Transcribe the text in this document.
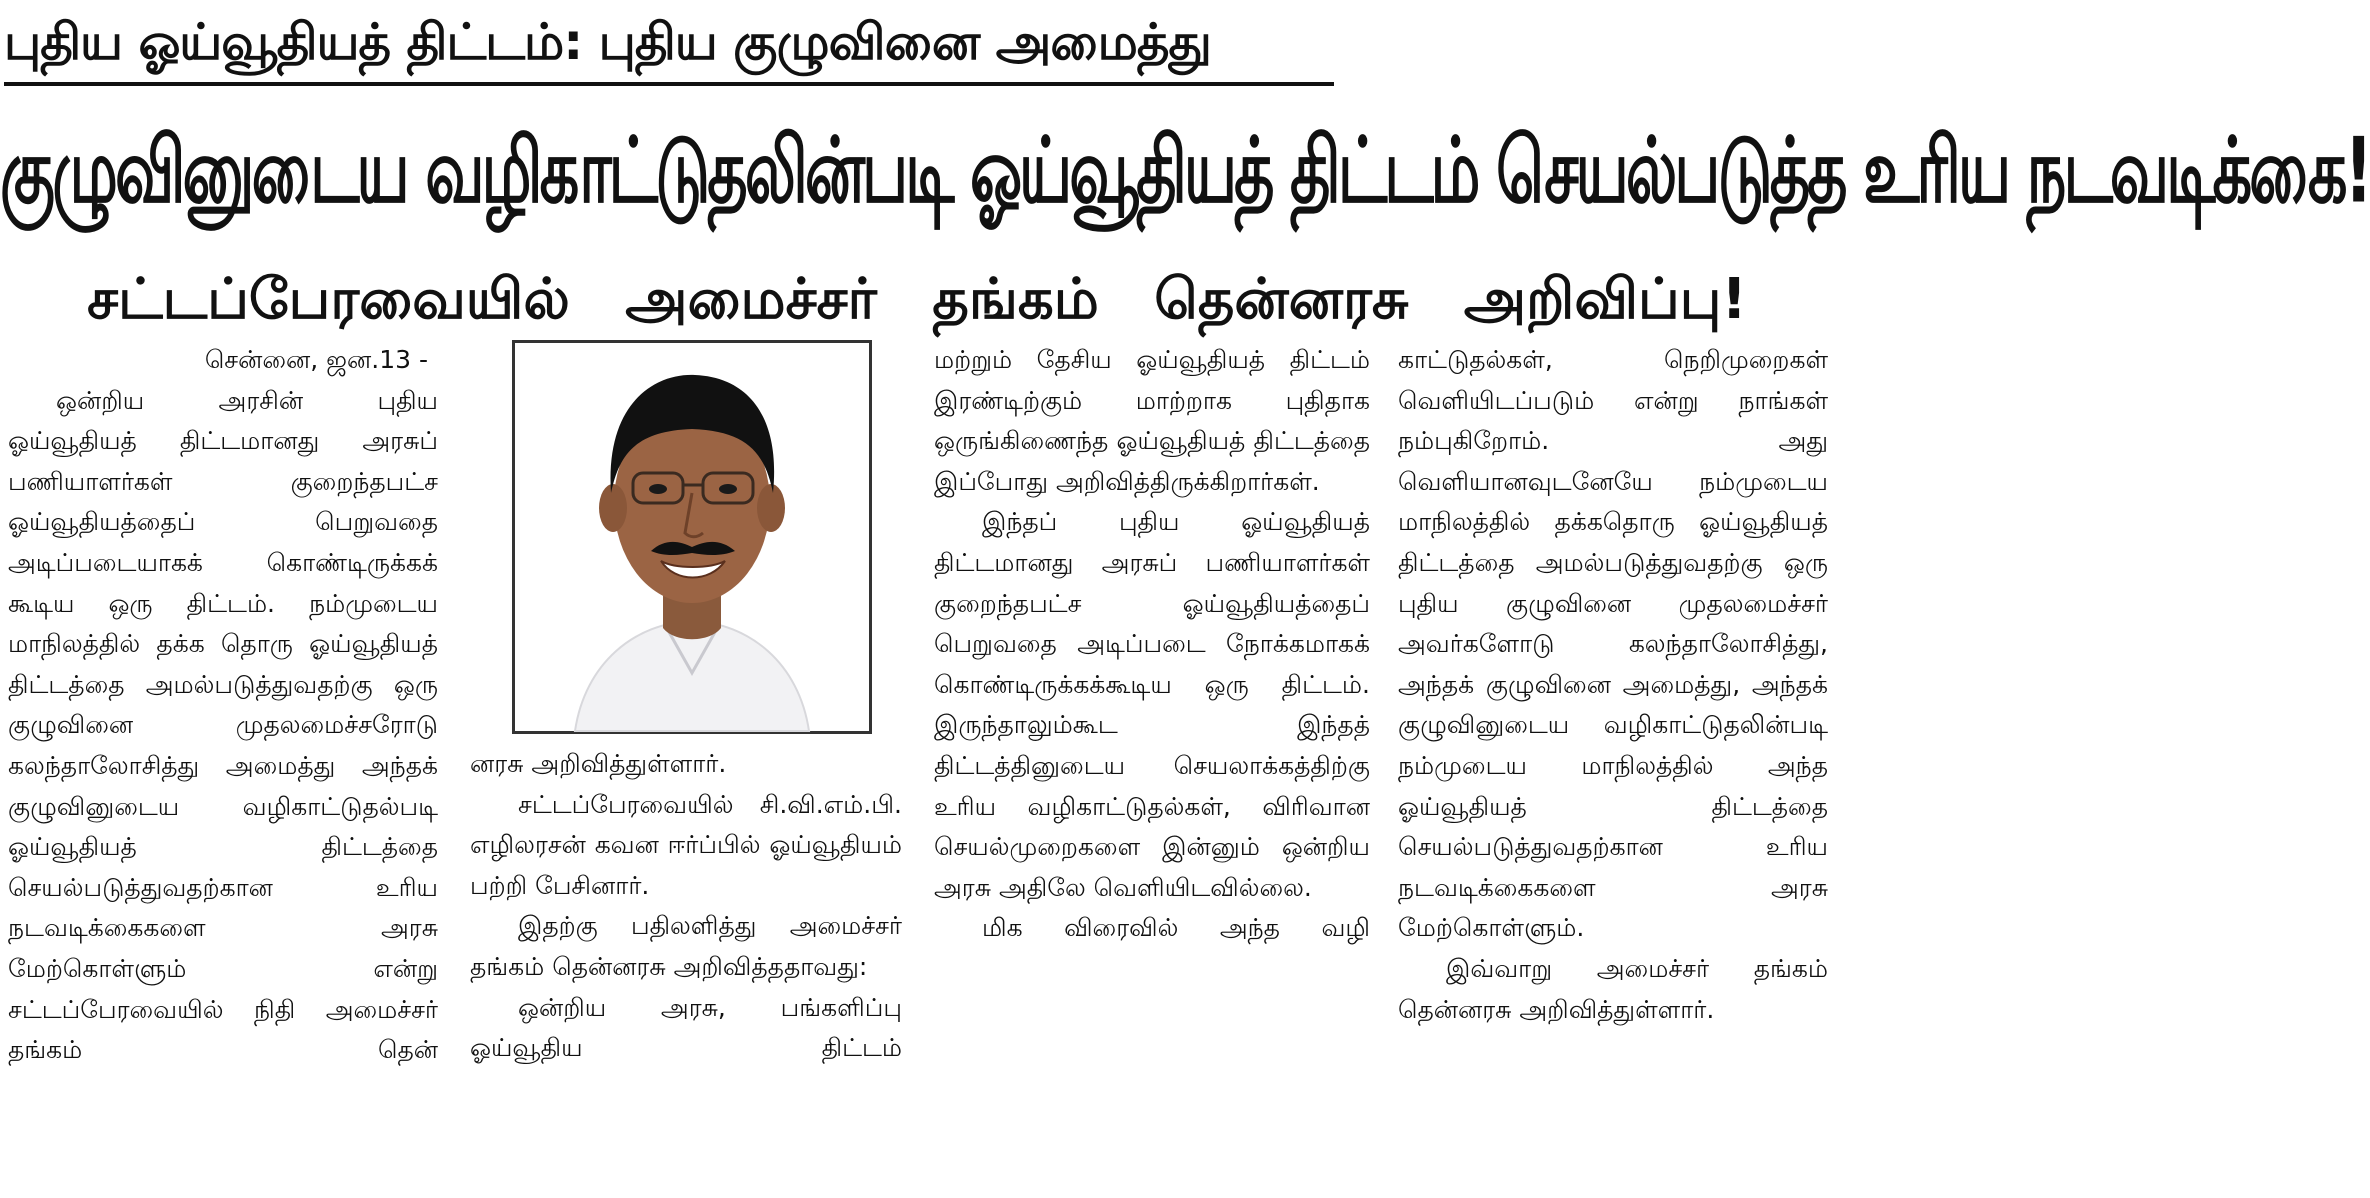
புதிய ஓய்வூதியத் திட்டம்: புதிய குழுவினை அமைத்து
குழுவினுடைய வழிகாட்டுதலின்படி ஓய்வூதியத் திட்டம் செயல்படுத்த உரிய நடவடிக்கை!
சட்டப்பேரவையில் அமைச்சர் தங்கம் தென்னரசு அறிவிப்பு!

சென்னை, ஜன.13 -

ஒன்றிய அரசின் புதிய ஓய்வூதியத் திட்டமானது அரசுப் பணியாளர்கள் குறைந்தபட்ச ஓய்வூதியத்தைப் பெறுவதை அடிப்படையாகக் கொண்டிருக்கக் கூடிய ஒரு திட்டம். நம்முடைய மாநிலத்தில் தக்க தொரு ஓய்வூதியத் திட்டத்தை அமல்படுத்துவதற்கு ஒரு குழுவினை முதலமைச்சரோடு கலந்தாலோசித்து அமைத்து அந்தக் குழுவினுடைய வழிகாட்டுதல்படி ஓய்வூதியத் திட்டத்தை செயல்படுத்துவதற்கான உரிய நடவடிக்கைகளை அரசு மேற்கொள்ளும் என்று சட்டப்பேரவையில் நிதி அமைச்சர் தங்கம் தென்

னரசு அறிவித்துள்ளார்.

சட்டப்பேரவையில் சி.வி.எம்.பி. எழிலரசன் கவன ஈர்ப்பில் ஓய்வூதியம் பற்றி பேசினார்.

இதற்கு பதிலளித்து அமைச்சர் தங்கம் தென்னரசு அறிவித்ததாவது:

ஒன்றிய அரசு, பங்களிப்பு ஓய்வூதிய திட்டம்

மற்றும் தேசிய ஓய்வூதியத் திட்டம் இரண்டிற்கும் மாற்றாக புதிதாக ஒருங்கிணைந்த ஓய்வூதியத் திட்டத்தை இப்போது அறிவித்திருக்கிறார்கள்.

இந்தப் புதிய ஓய்வூதியத் திட்டமானது அரசுப் பணியாளர்கள் குறைந்தபட்ச ஓய்வூதியத்தைப் பெறுவதை அடிப்படை நோக்கமாகக் கொண்டிருக்கக்கூடிய ஒரு திட்டம். இருந்தாலும்கூட இந்தத் திட்டத்தினுடைய செயலாக்கத்திற்கு உரிய வழிகாட்டுதல்கள், விரிவான செயல்முறைகளை இன்னும் ஒன்றிய அரசு அதிலே வெளியிடவில்லை.

மிக விரைவில் அந்த வழி

காட்டுதல்கள், நெறிமுறைகள் வெளியிடப்படும் என்று நாங்கள் நம்புகிறோம். அது வெளியானவுடனேயே நம்முடைய மாநிலத்தில் தக்கதொரு ஓய்வூதியத் திட்டத்தை அமல்படுத்துவதற்கு ஒரு புதிய குழுவினை முதலமைச்சர் அவர்களோடு கலந்தாலோசித்து, அந்தக் குழுவினை அமைத்து, அந்தக் குழுவினுடைய வழிகாட்டுதலின்படி நம்முடைய மாநிலத்தில் அந்த ஓய்வூதியத் திட்டத்தை செயல்படுத்துவதற்கான உரிய நடவடிக்கைகளை அரசு மேற்கொள்ளும்.

இவ்வாறு அமைச்சர் தங்கம் தென்னரசு அறிவித்துள்ளார்.
